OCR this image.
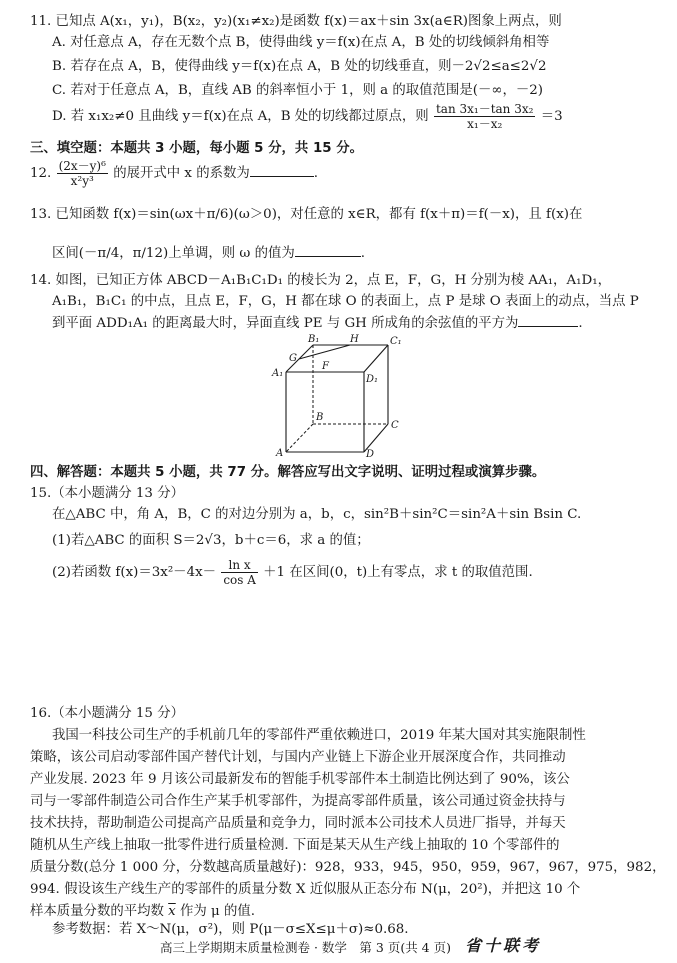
11. 已知点 A(x₁，y₁)，B(x₂，y₂)(x₁≠x₂)是函数 f(x)＝ax＋sin 3x(a∈R)图象上两点，则
A. 对任意点 A，存在无数个点 B，使得曲线 y＝f(x)在点 A，B 处的切线倾斜角相等
B. 若存在点 A，B，使得曲线 y＝f(x)在点 A，B 处的切线垂直，则－2√2≤a≤2√2
C. 若对于任意点 A，B，直线 AB 的斜率恒小于 1，则 a 的取值范围是(－∞，－2)
D. 若 x₁x₂≠0 且曲线 y＝f(x)在点 A，B 处的切线都过原点，则 $\frac{\text{tan 3x₁－tan 3x₂}}{\text{x₁－x₂}} =3$
三、填空题：本题共 3 小题，每小题 5 分，共 15 分。
12. $\frac{\text{(2x－y)⁶}}{\text{x²y³}}$ 的展开式中 x 的系数为	.
13. 已知函数 f(x)＝sin(ωx＋π/6)(ω＞0)，对任意的 x∈R，都有 f(x＋π)＝f(－x)，且 f(x)在
区间(－π/4，π/12)上单调，则 ω 的值为	.
14. 如图，已知正方体 ABCD－A₁B₁C₁D₁ 的棱长为 2，点 E，F，G，H 分别为棱 AA₁，A₁D₁，
A₁B₁，B₁C₁ 的中点，且点 E，F，G，H 都在球 O 的表面上，点 P 是球 O 表面上的动点，当点 P
到平面 ADD₁A₁ 的距离最大时，异面直线 PE 与 GH 所成角的余弦值的平方为	.
B₁	H	C₁
G
A₁
F
D₁
B
C
A	D
四、解答题：本题共 5 小题，共 77 分。解答应写出文字说明、证明过程或演算步骤。
15.（本小题满分 13 分）
在△ABC 中，角 A，B，C 的对边分别为 a，b，c，sin²B＋sin²C＝sin²A＋sin Bsin C.
(1)若△ABC 的面积 S＝2√3，b＋c＝6，求 a 的值；
(2)若函数 $f(x)=3x^2-4x- \frac{\text{ln x}}{\text{cos A}} +1$ 在区间(0，t)上有零点，求 t 的取值范围.
16.（本小题满分 15 分）
我国一科技公司生产的手机前几年的零部件严重依赖进口，2019 年某大国对其实施限制性
策略，该公司启动零部件国产替代计划，与国内产业链上下游企业开展深度合作，共同推动
产业发展. 2023 年 9 月该公司最新发布的智能手机零部件本土制造比例达到了 90%，该公
司与一零部件制造公司合作生产某手机零部件，为提高零部件质量，该公司通过资金扶持与
技术扶持，帮助制造公司提高产品质量和竞争力，同时派本公司技术人员进厂指导，并每天
随机从生产线上抽取一批零件进行质量检测. 下面是某天从生产线上抽取的 10 个零部件的
质量分数(总分 1 000 分，分数越高质量越好)：928，933，945，950，959，967，967，975，982，
994. 假设该生产线生产的零部件的质量分数 X 近似服从正态分布 N(μ，20²)，并把这 10 个
样本质量分数的平均数 $\overline{x}$ 作为 μ 的值.
参考数据：若 X～N(μ，σ²)，则 P(μ－σ≤X≤μ＋σ)≈0.68.
高三上学期期末质量检测卷 · 数学　第 3 页(共 4 页) 省十联考
